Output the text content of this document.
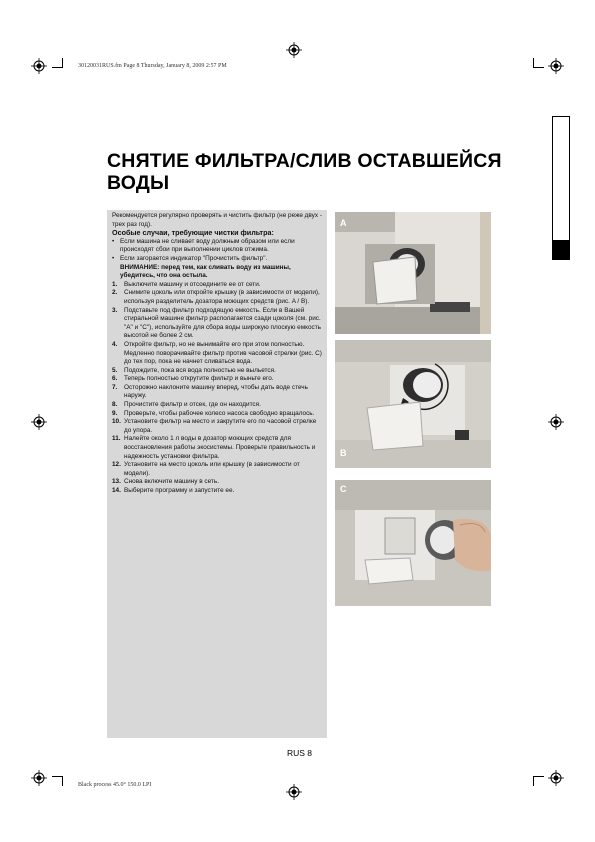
30120031RUS.fm Page 8 Thursday, January 8, 2009 2:57 PM
Black process 45.0° 150.0 LPI
СНЯТИЕ ФИЛЬТРА/СЛИВ ОСТАВШЕЙСЯ ВОДЫ

Рекомендуется регулярно проверять и чистить фильтр (не реже двух - трех раз год).

Особые случаи, требующие чистки фильтра:

• Если машина не сливает воду должным образом или если происходят сбои при выполнении циклов отжима.
• Если загорается индикатор "Прочистить фильтр".

ВНИМАНИЕ: перед тем, как сливать воду из машины, убедитесь, что она остыла.

1. Выключите машину и отсоедините ее от сети.
2. Снимите цоколь или откройте крышку (в зависимости от модели), используя разделитель дозатора моющих средств (рис. A / B).
3. Подставьте под фильтр подходящую емкость. Если в Вашей стиральной машине фильтр располагается сзади цоколя (см. рис. "A" и "C"), используйте для сбора воды широкую плоскую емкость высотой не более 2 см.
4. Откройте фильтр, но не вынимайте его при этом полностью. Медленно поворачивайте фильтр против часовой стрелки (рис. C) до тех пор, пока не начнет сливаться вода.
5. Подождите, пока вся вода полностью не выльется.
6. Теперь полностью открутите фильтр и выньте его.
7. Осторожно наклоните машину вперед, чтобы дать воде стечь наружу.
8. Прочистите фильтр и отсек, где он находится.
9. Проверьте, чтобы рабочее колесо насоса свободно вращалось.
10. Установите фильтр на место и закрутите его по часовой стрелке до упора.
11. Налейте около 1 л воды в дозатор моющих средств для восстановления работы экосистемы. Проверьте правильность и надежность установки фильтра.
12. Установите на место цоколь или крышку (в зависимости от модели).
13. Снова включите машину в сеть.
14. Выберите программу и запустите ее.
A
B
C
RUS 8
